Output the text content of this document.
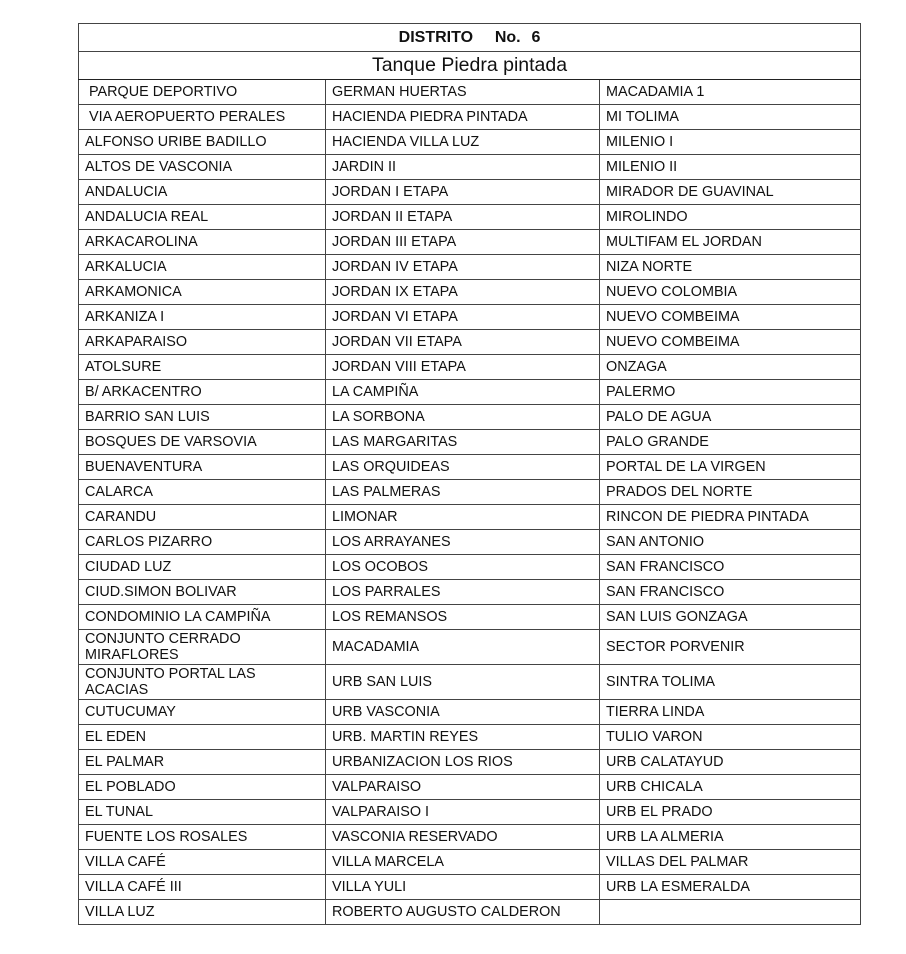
DISTRITO    No.  6		
Tanque Piedra pintada		
PARQUE DEPORTIVO	GERMAN HUERTAS	MACADAMIA 1
VIA AEROPUERTO PERALES	HACIENDA PIEDRA PINTADA	MI TOLIMA
ALFONSO URIBE BADILLO	HACIENDA VILLA LUZ	MILENIO I
ALTOS DE VASCONIA	JARDIN II	MILENIO II
ANDALUCIA	JORDAN I ETAPA	MIRADOR DE GUAVINAL
ANDALUCIA REAL	JORDAN II ETAPA	MIROLINDO
ARKACAROLINA	JORDAN III ETAPA	MULTIFAM EL JORDAN
ARKALUCIA	JORDAN IV ETAPA	NIZA NORTE
ARKAMONICA	JORDAN IX ETAPA	NUEVO COLOMBIA
ARKANIZA I	JORDAN VI ETAPA	NUEVO COMBEIMA
ARKAPARAISO	JORDAN VII ETAPA	NUEVO COMBEIMA
ATOLSURE	JORDAN VIII ETAPA	ONZAGA
B/ ARKACENTRO	LA CAMPIÑA	PALERMO
BARRIO SAN LUIS	LA SORBONA	PALO DE AGUA
BOSQUES DE VARSOVIA	LAS MARGARITAS	PALO GRANDE
BUENAVENTURA	LAS ORQUIDEAS	PORTAL DE LA VIRGEN
CALARCA	LAS PALMERAS	PRADOS DEL NORTE
CARANDU	LIMONAR	RINCON DE PIEDRA PINTADA
CARLOS PIZARRO	LOS ARRAYANES	SAN ANTONIO
CIUDAD LUZ	LOS OCOBOS	SAN FRANCISCO
CIUD.SIMON BOLIVAR	LOS PARRALES	SAN FRANCISCO
CONDOMINIO LA CAMPIÑA	LOS REMANSOS	SAN LUIS GONZAGA

CONJUNTO CERRADO MIRAFLORES	MACADAMIA	SECTOR PORVENIR

CONJUNTO PORTAL LAS ACACIAS	URB SAN LUIS	SINTRA TOLIMA
CUTUCUMAY	URB VASCONIA	TIERRA LINDA
EL EDEN	URB. MARTIN REYES	TULIO VARON
EL PALMAR	URBANIZACION LOS RIOS	URB CALATAYUD
EL POBLADO	VALPARAISO	URB CHICALA
EL TUNAL	VALPARAISO I	URB EL PRADO
FUENTE LOS ROSALES	VASCONIA RESERVADO	URB LA ALMERIA
VILLA CAFÉ	VILLA MARCELA	VILLAS DEL PALMAR
VILLA CAFÉ III	VILLA YULI	URB LA ESMERALDA
VILLA LUZ	ROBERTO AUGUSTO CALDERON	
